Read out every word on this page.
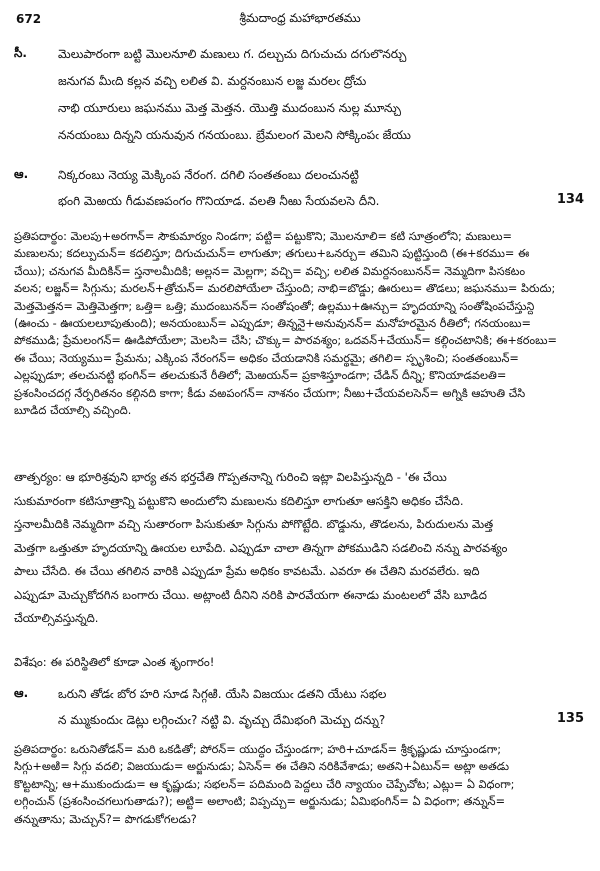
672	శ్రీమదాంధ్ర మహాభారతము
సీ.	మెలుపారంగా బట్టి మొలనూలి మణులు గ. దల్చుచు దిగుచుచు దగులొనర్చు
జనుగవ మీఁది కల్లన వచ్చి లలిత వి. మర్దనంబున లజ్జ మరలఁ ద్రోచు
నాభి యూరులు జఘనము మెత్త మెత్తన. యొత్తి ముదంబున నుల్ల మూన్చు
ననయంబు దిన్నని యనువున గనయంబు. బ్రేమలంగ మెలని సోక్కింపఁ జేయు
ఆ. నిక్కరంబు నెయ్య మెక్కింప నేరంగ. దగిలి సంతతంబు దలంచునట్టి
భంగి మెఱయ గీడువణపంగం గొనియాడ. వలతి నీఱు సేయవలసె దీని.	134
ప్రతిపదార్థం: మెలపు+అరగాన్= సౌకుమార్యం నిండగా; పట్టి= పట్టుకొని; మొలనూలి= కటి సూత్రంలోని; మణులు=
మణులను; కదల్పుచున్= కదలిస్తూ; దిగుచుచున్= లాగుతూ; తగులు+ఒనర్చు= తమిని పుట్టిస్తుంది (ఈ+కరము= ఈ
చేయి); చనుగవ మీదికిన్= స్తనాలమీదికి; అల్లన= మెల్లగా; వచ్చి= వచ్చి; లలిత విమర్దనంబునన్= నెమ్మదిగా పిసకటం
వలన; లజ్జన్= సిగ్గును; మరలన్+త్రోచున్= మరలిపోయేలా చేస్తుంది; నాభి=బొడ్డు; ఊరులు= తొడలు; జఘనము= పిరుదు;
మెత్తమెత్తన= మెత్తిమెత్తగా; ఒత్తి= ఒత్తి; ముదంబునన్= సంతోషంతో; ఉల్లము+ఊన్చు= హృదయాన్ని సంతోషింపచేస్తున్ది
(ఊంచు - ఊయలలూపుతుంది); అనయంబున్= ఎప్పుడూ; తిన్ననై+అనువునన్= మనోహరమైన రీతిలో; గనయంబు=
పోకముడి; ప్రేమలంగన్= ఊడిపోయేలా; మెలసి= చేసి; చొక్కు= పారవశ్యం; ఒదవన్+చేయున్= కల్గించటానికి; ఈ+కరంబు=
ఈ చేయి; నెయ్యము= ప్రేమను; ఎక్కింప నేరంగన్= అధికం చేయడానికి సమర్థమై; తగిలి= స్పృశించి; సంతతంబున్=
ఎల్లప్పుడూ; తలచునట్టి భంగిన్= తలచుకునే రీతిలో; మెఱయన్= ప్రకాశిస్తూండగా; చేడిన్ దీన్ని; కొనియాడవలతి=
ప్రశంసించదగ్గ నేర్పరితనం కల్గినది కాగా; కీడు వఱపంగన్= నాశనం చేయగా; నీఱు+చేయవలసెన్= అగ్నికి ఆహుతి చేసి
బూడిద చేయాల్సి వచ్చింది.
తాత్పర్యం: ఆ భూరిశ్రవుని భార్య తన భర్తచేతి గొప్పతనాన్ని గురించి ఇట్లా విలపిస్తున్నది - 'ఈ చేయి
సుకుమారంగా కటిసూత్రాన్ని పట్టుకొని అందులోని మణులను కదిలిస్తూ లాగుతూ ఆసక్తిని అధికం చేసేది.
స్తనాలమీదికి నెమ్మదిగా వచ్చి సుతారంగా పిసుకుతూ సిగ్గును పోగొట్టేది. బొడ్డును, తొడలను, పిరుదులను మెత్త
మెత్తగా ఒత్తుతూ హృదయాన్ని ఊయల లూపేది. ఎప్పుడూ చాలా తిన్నగా పోకముడిని సడలించి నన్ను పారవశ్యం
పాలు చేసేది. ఈ చేయి తగిలిన వారికి ఎప్పుడూ ప్రేమ అధికం కావటమే. ఎవరూ ఈ చేతిని మరవలేరు. ఇది
ఎప్పుడూ మెచ్చుకోదగిన బంగారు చేయి. అట్లాంటి దీనిని నరికి పారవేయగా ఈనాడు మంటలలో వేసి బూడిద
చేయాల్సివస్తున్నది.
విశేషం: ఈ పరిస్థితిలో కూడా ఎంత శృంగారం!
ఆ. ఒరుని తోడఁ బోర హరి సూడ సిగ్గఱి. యేసి విజయుఁ డతని యేటు సభల
న మ్ముకుందుఁ డెట్లు లగ్గించుఁ? నట్టి వి. వృచ్చు దేమిభంగి మెచ్చు దన్ను?	135
ప్రతిపదార్థం: ఒరునితోడన్= మరి ఒకడితో; పోరన్= యుద్ధం చేస్తుండగా; హరి+చూడన్= శ్రీకృష్ణుడు చూస్తుండగా;
సిగ్గు+అఱి= సిగ్గు వదలి; విజయుడు= అర్జునుడు; ఏసెన్= ఈ చేతిని నరికివేశాడు; అతని+ఏటున్= అట్లా అతడు
కొట్టటాన్ని; ఆ+ముకుందుడు= ఆ కృష్ణుడు; సభలన్= పదిమంది పెద్దలు చేరి న్యాయం చెప్పేచోట; ఎట్లు= ఏ విధంగా;
లగ్గించున్ (ప్రశంసించగలుగుతాడు?); అట్టి= అలాంటి; విప్పచ్చు= అర్జునుడు; ఏమిభంగిన్= ఏ విధంగా; తన్నున్=
తన్నుతాను; మెచ్చున్?= పొగడుకోగలడు?
